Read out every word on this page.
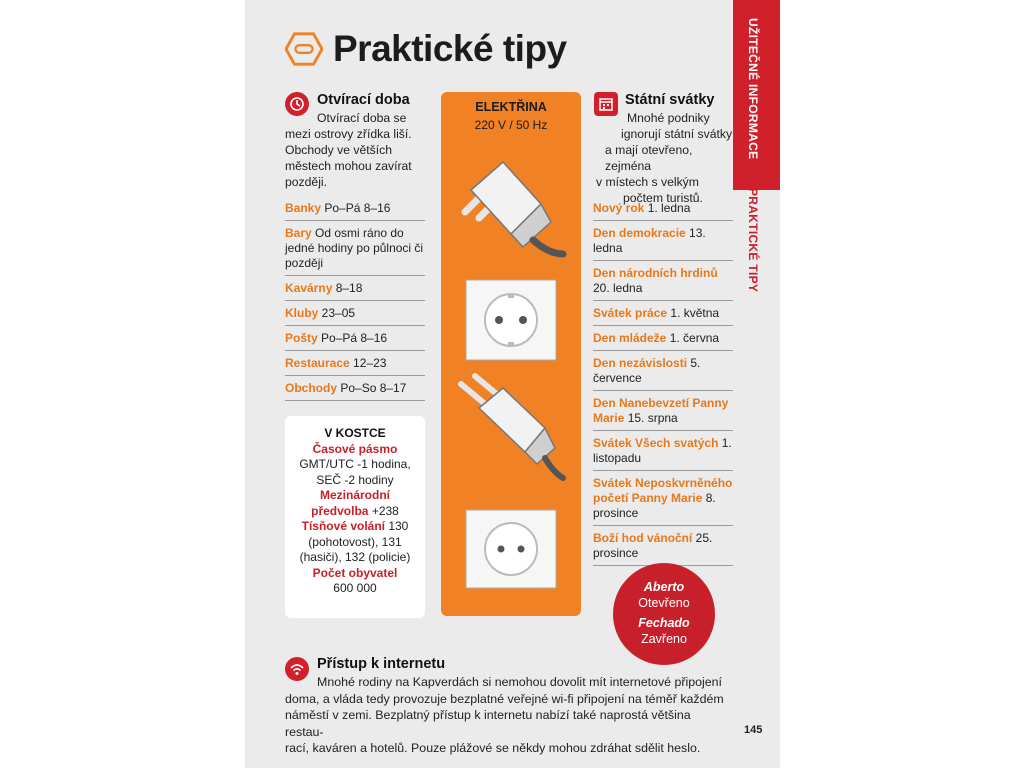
Praktické tipy	UŽITEČNÉ INFORMACE
PRAKTICKÉ TIPY
145
Otvírací doba
Otvírací doba se
mezi ostrovy zřídka liší.
Obchody ve větších
městech mohou zavírat
později.
Banky Po–Pá 8–16
Bary Od osmi ráno do jedné hodiny po půlnoci či později
Kavárny 8–18
Kluby 23–05
Pošty Po–Pá 8–16
Restaurace 12–23
Obchody Po–So 8–17
V KOSTCE
Časové pásmo
GMT/UTC -1 hodina,
SEČ -2 hodiny
Mezinárodní
předvolba +238
Tísňové volání 130
(pohotovost), 131
(hasiči), 132 (policie)
Počet obyvatel
600 000
ELEKTŘINA
220 V / 50 Hz
Státní svátky
Mnohé podniky
ignorují státní svátky
a mají otevřeno, zejména
v místech s velkým
počtem turistů.
Nový rok 1. ledna
Den demokracie 13. ledna
Den národních hrdinů 20. ledna
Svátek práce 1. května
Den mládeže 1. června
Den nezávislosti 5. července
Den Nanebevzetí Panny Marie 15. srpna
Svátek Všech svatých 1. listopadu
Svátek Neposkvrněného početí Panny Marie 8. prosince
Boží hod vánoční 25. prosince
Aberto
Otevřeno
Fechado
Zavřeno
Přístup k internetu
Mnohé rodiny na Kapverdách si nemohou dovolit mít internetové připojení
doma, a vláda tedy provozuje bezplatné veřejné wi-fi připojení na téměř každém
náměstí v zemi. Bezplatný přístup k internetu nabízí také naprostá většina restau-
rací, kaváren a hotelů. Pouze plážové se někdy mohou zdráhat sdělit heslo.
